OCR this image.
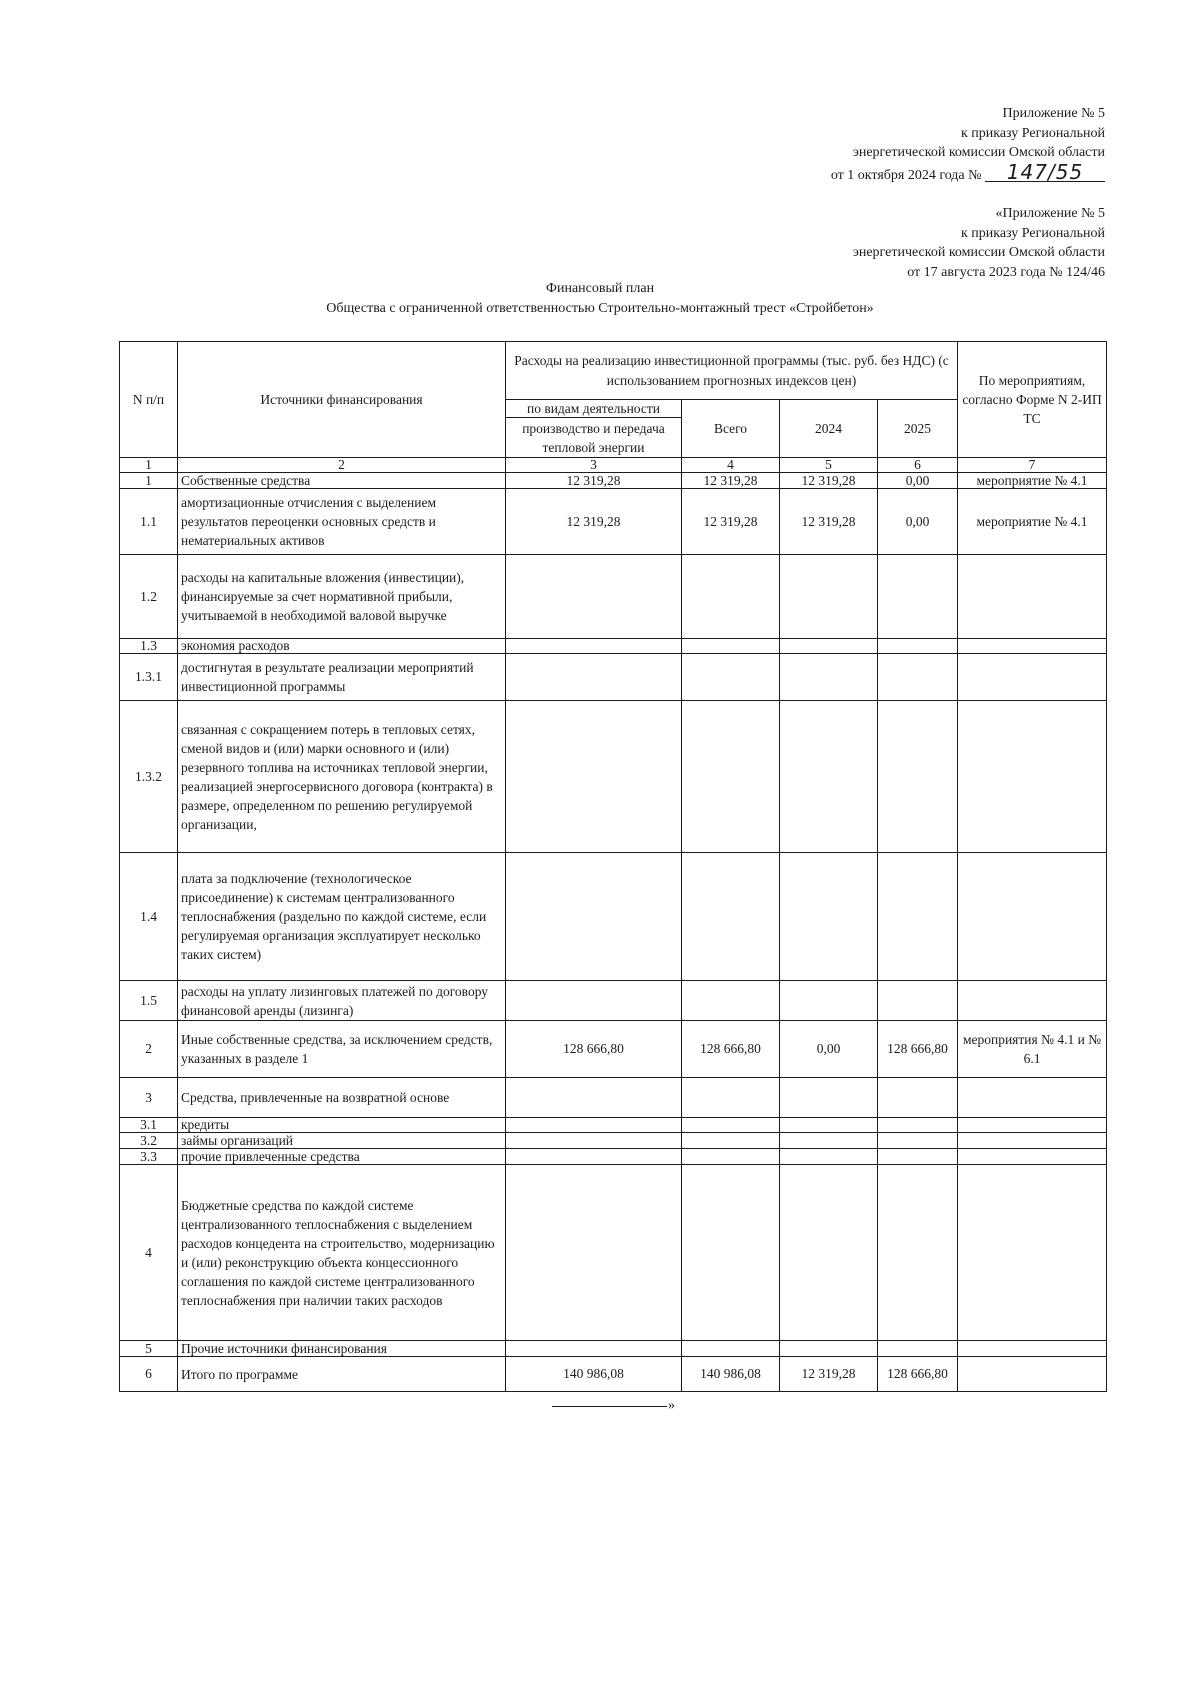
Приложение № 5
к приказу Региональной
энергетической комиссии Омской области
от 1 октября 2024 года № 147/55
«Приложение № 5
к приказу Региональной
энергетической комиссии Омской области
от 17 августа 2023 года № 124/46
Финансовый план
Общества с ограниченной ответственностью Строительно-монтажный трест «Стройбетон»
N п/п	Источники финансирования	Расходы на реализацию инвестиционной программы (тыс. руб. без НДС) (с использованием прогнозных индексов цен)				По мероприятиям, согласно Форме N 2-ИП ТС
		по видам деятельности	Всего	2024	2025	
		производство и передача тепловой энергии				
1	2	3	4	5	6	7
1	Собственные средства	12 319,28	12 319,28	12 319,28	0,00	мероприятие № 4.1
1.1	амортизационные отчисления с выделением результатов переоценки основных средств и нематериальных активов	12 319,28	12 319,28	12 319,28	0,00	мероприятие № 4.1
1.2	расходы на капитальные вложения (инвестиции), финансируемые за счет нормативной прибыли, учитываемой в необходимой валовой выручке					
1.3	экономия расходов					
1.3.1	достигнутая в результате реализации мероприятий инвестиционной программы					
1.3.2	связанная с сокращением потерь в тепловых сетях, сменой видов и (или) марки основного и (или) резервного топлива на источниках тепловой энергии, реализацией энергосервисного договора (контракта) в размере, определенном по решению регулируемой организации,					
1.4	плата за подключение (технологическое присоединение) к системам централизованного теплоснабжения (раздельно по каждой системе, если регулируемая организация эксплуатирует несколько таких систем)					
1.5	расходы на уплату лизинговых платежей по договору финансовой аренды (лизинга)					
2	Иные собственные средства, за исключением средств, указанных в разделе 1	128 666,80	128 666,80	0,00	128 666,80	мероприятия № 4.1 и № 6.1
3	Средства, привлеченные на возвратной основе					
3.1	кредиты					
3.2	займы организаций					
3.3	прочие привлеченные средства					
4	Бюджетные средства по каждой системе централизованного теплоснабжения с выделением расходов концедента на строительство, модернизацию и (или) реконструкцию объекта концессионного соглашения по каждой системе централизованного теплоснабжения при наличии таких расходов					
5	Прочие источники финансирования					
6	Итого по программе	140 986,08	140 986,08	12 319,28	128 666,80	
»
